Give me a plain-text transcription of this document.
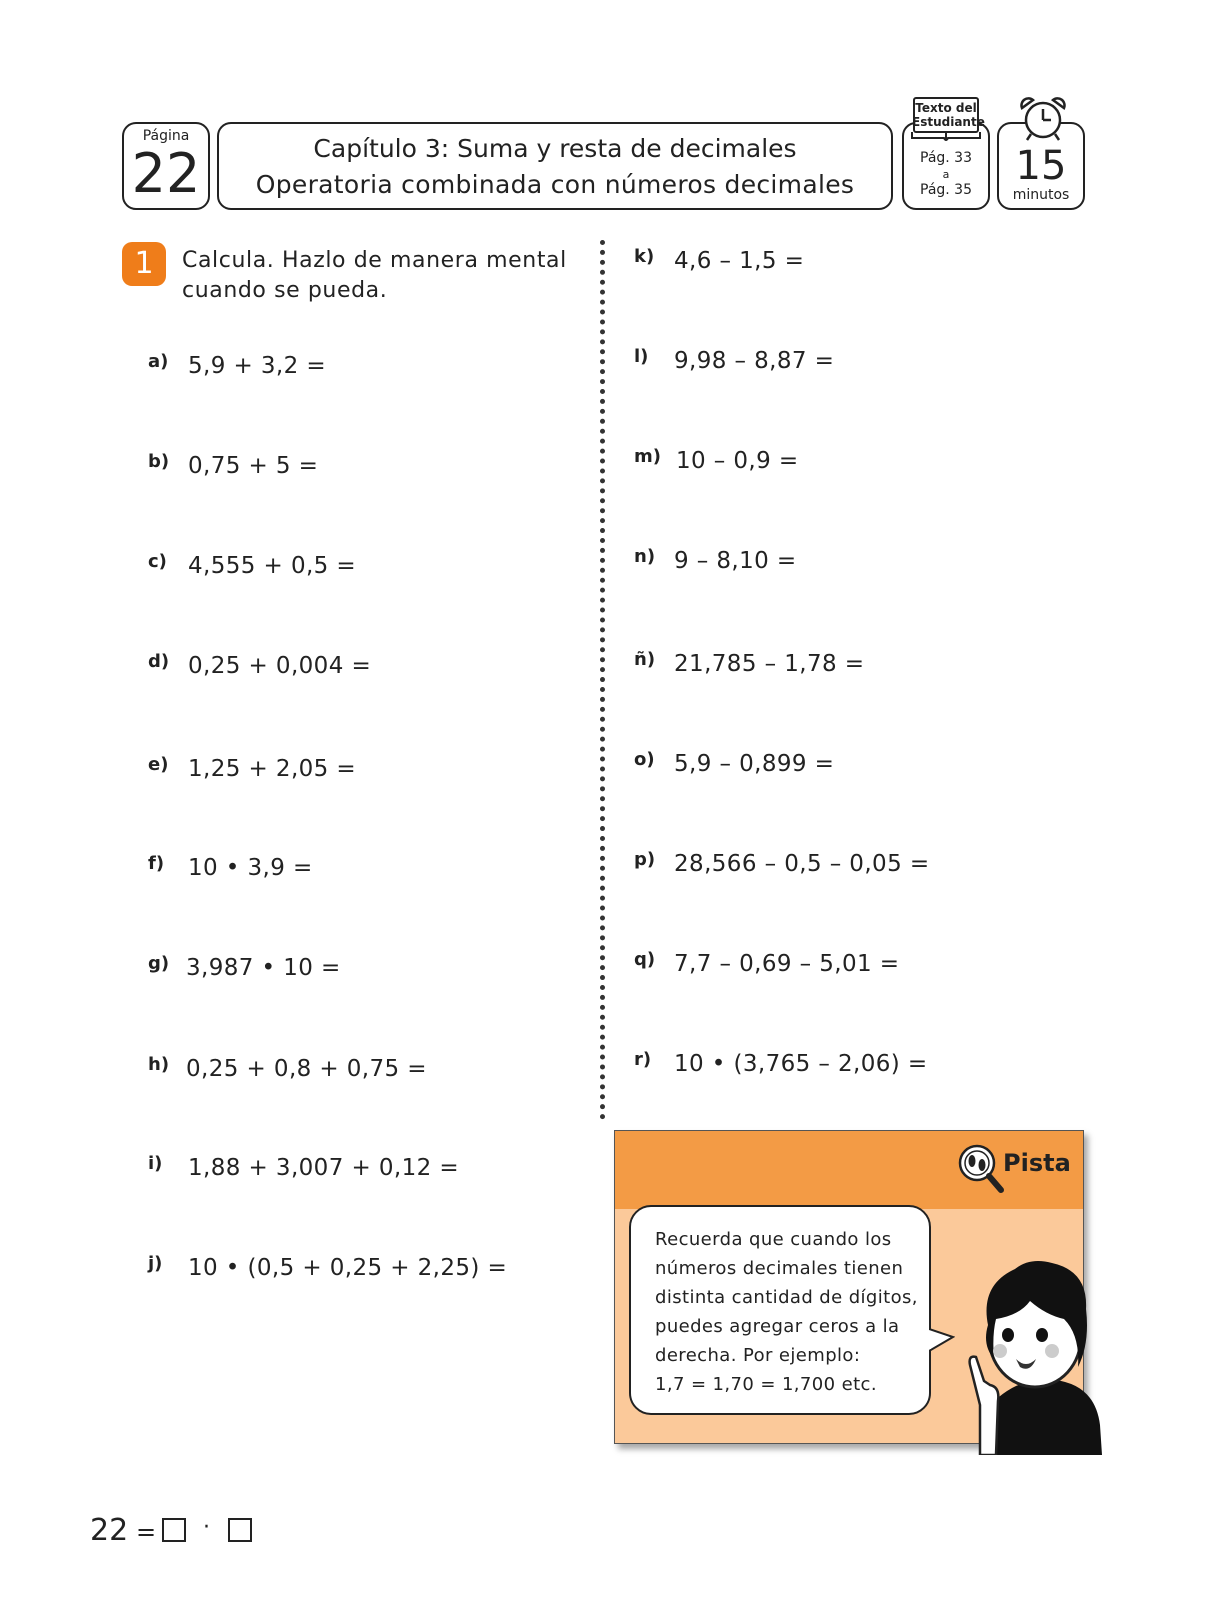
Página
22	Capítulo 3: Suma y resta de decimales
Operatoria combinada con números decimales
Texto del
Estudiante
Pág. 33
a
Pág. 35
15
minutos
1	Calcula. Hazlo de manera mental
cuando se pueda.
a) 5,9 + 3,2 =
b) 0,75 + 5 =
c) 4,555 + 0,5 =
d) 0,25 + 0,004 =
e) 1,25 + 2,05 =
f) 10 • 3,9 =
g) 3,987 • 10 =
h) 0,25 + 0,8 + 0,75 =
i) 1,88 + 3,007 + 0,12 =
j) 10 • (0,5 + 0,25 + 2,25) =
k) 4,6 – 1,5 =
l) 9,98 – 8,87 =
m) 10 – 0,9 =
n) 9 – 8,10 =
ñ) 21,785 – 1,78 =
o) 5,9 – 0,899 =
p) 28,566 – 0,5 – 0,05 =
q) 7,7 – 0,69 – 5,01 =
r) 10 • (3,765 – 2,06) =
Pista
Recuerda que cuando los
números decimales tienen
distinta cantidad de dígitos,
puedes agregar ceros a la
derecha. Por ejemplo:
1,7 = 1,70 = 1,700 etc.
22 = ·
